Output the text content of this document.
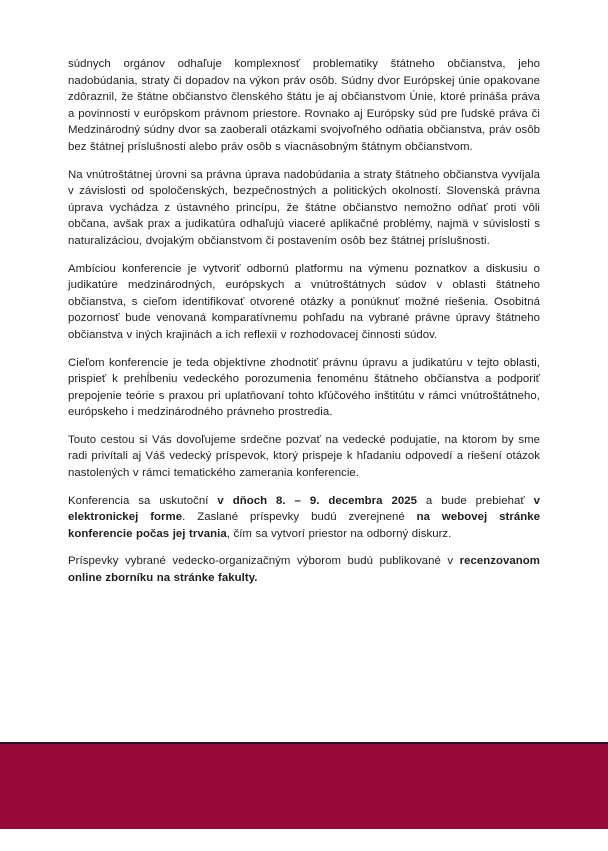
súdnych orgánov odhaľuje komplexnosť problematiky štátneho občianstva, jeho nadobúdania, straty či dopadov na výkon práv osôb. Súdny dvor Európskej únie opakovane zdôraznil, že štátne občianstvo členského štátu je aj občianstvom Únie, ktoré prináša práva a povinnosti v európskom právnom priestore. Rovnako aj Európsky súd pre ľudské práva či Medzinárodný súdny dvor sa zaoberali otázkami svojvoľného odňatia občianstva, práv osôb bez štátnej príslušnosti alebo práv osôb s viacnásobným štátnym občianstvom.

Na vnútroštátnej úrovni sa právna úprava nadobúdania a straty štátneho občianstva vyvíjala v závislosti od spoločenských, bezpečnostných a politických okolností. Slovenská právna úprava vychádza z ústavného princípu, že štátne občianstvo nemožno odňať proti vôli občana, avšak prax a judikatúra odhaľujú viaceré aplikačné problémy, najmä v súvislosti s naturalizáciou, dvojakým občianstvom či postavením osôb bez štátnej príslušnosti.

Ambíciou konferencie je vytvoriť odbornú platformu na výmenu poznatkov a diskusiu o judikatúre medzinárodných, európskych a vnútroštátnych súdov v oblasti štátneho občianstva, s cieľom identifikovať otvorené otázky a ponúknuť možné riešenia. Osobitná pozornosť bude venovaná komparatívnemu pohľadu na vybrané právne úpravy štátneho občianstva v iných krajinách a ich reflexii v rozhodovacej činnosti súdov.

Cieľom konferencie je teda objektívne zhodnotiť právnu úpravu a judikatúru v tejto oblasti, prispieť k prehĺbeniu vedeckého porozumenia fenoménu štátneho občianstva a podporiť prepojenie teórie s praxou pri uplatňovaní tohto kľúčového inštitútu v rámci vnútroštátneho, európskeho i medzinárodného právneho prostredia.

Touto cestou si Vás dovoľujeme srdečne pozvať na vedecké podujatie, na ktorom by sme radi privítali aj Váš vedecký príspevok, ktorý prispeje k hľadaniu odpovedí a riešení otázok nastolených v rámci tematického zamerania konferencie.

Konferencia sa uskutoční v dňoch 8. – 9. decembra 2025 a bude prebiehať v elektronickej forme. Zaslané príspevky budú zverejnené na webovej stránke konferencie počas jej trvania, čím sa vytvorí priestor na odborný diskurz.

Príspevky vybrané vedecko-organizačným výborom budú publikované v recenzovanom online zborníku na stránke fakulty.
